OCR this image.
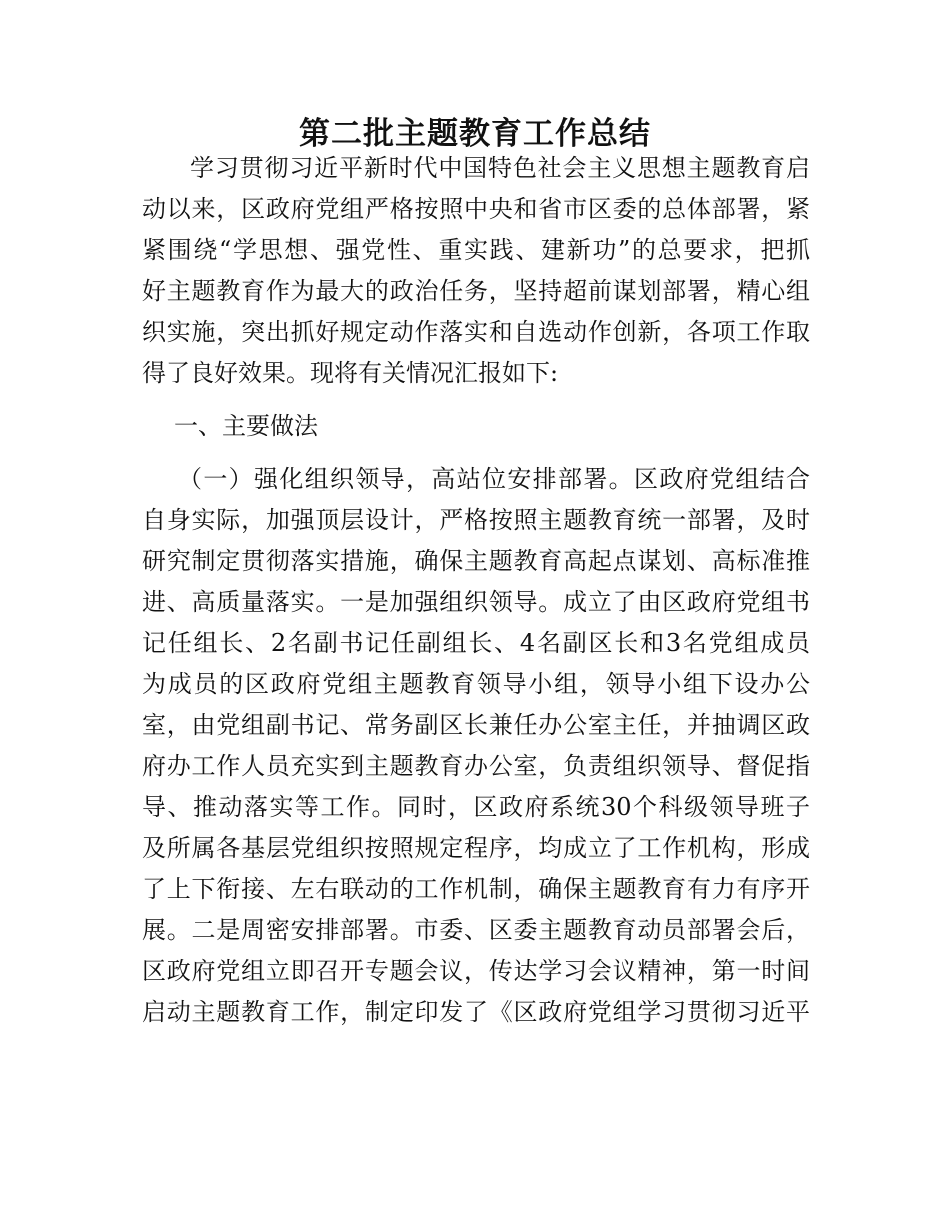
第二批主题教育工作总结
学习贯彻习近平新时代中国特色社会主义思想主题教育启
动以来，区政府党组严格按照中央和省市区委的总体部署，紧
紧围绕“学思想、强党性、重实践、建新功”的总要求，把抓
好主题教育作为最大的政治任务，坚持超前谋划部署，精心组
织实施，突出抓好规定动作落实和自选动作创新，各项工作取
得了良好效果。现将有关情况汇报如下:
一、主要做法
（一）强化组织领导，高站位安排部署。区政府党组结合
自身实际，加强顶层设计，严格按照主题教育统一部署，及时
研究制定贯彻落实措施，确保主题教育高起点谋划、高标准推
进、高质量落实。一是加强组织领导。成立了由区政府党组书
记任组长、2名副书记任副组长、4名副区长和3名党组成员
为成员的区政府党组主题教育领导小组，领导小组下设办公
室，由党组副书记、常务副区长兼任办公室主任，并抽调区政
府办工作人员充实到主题教育办公室，负责组织领导、督促指
导、推动落实等工作。同时，区政府系统30个科级领导班子
及所属各基层党组织按照规定程序，均成立了工作机构，形成
了上下衔接、左右联动的工作机制，确保主题教育有力有序开
展。二是周密安排部署。市委、区委主题教育动员部署会后，
区政府党组立即召开专题会议，传达学习会议精神，第一时间
启动主题教育工作，制定印发了《区政府党组学习贯彻习近平
